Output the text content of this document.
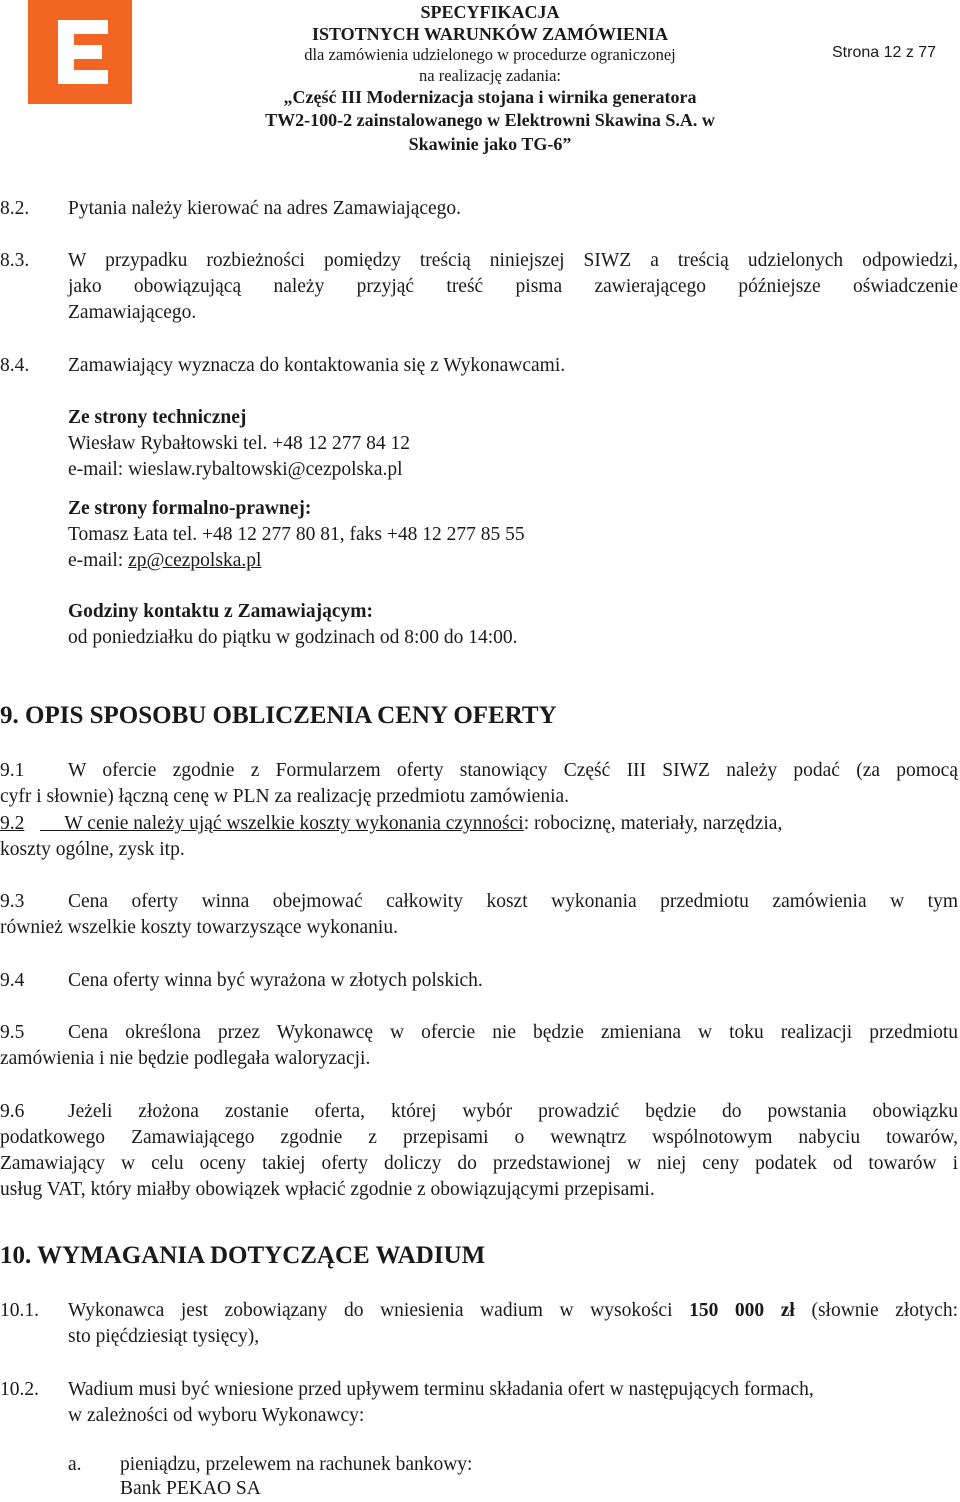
SPECYFIKACJA
ISTOTNYCH WARUNKÓW ZAMÓWIENIA
dla zamówienia udzielonego w procedurze ograniczonej
na realizację zadania:
„Część III Modernizacja stojana i wirnika generatora
TW2-100-2 zainstalowanego w Elektrowni Skawina S.A. w
Skawinie jako TG-6”
Strona 12 z 77
8.2. Pytania należy kierować na adres Zamawiającego.
8.3. W przypadku rozbieżności pomiędzy treścią niniejszej SIWZ a treścią udzielonych odpowiedzi,
jako obowiązującą należy przyjąć treść pisma zawierającego późniejsze oświadczenie
Zamawiającego.
8.4. Zamawiający wyznacza do kontaktowania się z Wykonawcami.
Ze strony technicznej
Wiesław Rybałtowski tel. +48 12 277 84 12
e-mail: wieslaw.rybaltowski@cezpolska.pl
Ze strony formalno-prawnej:
Tomasz Łata tel. +48 12 277 80 81, faks +48 12 277 85 55
e-mail: zp@cezpolska.pl
Godziny kontaktu z Zamawiającym:
od poniedziałku do piątku w godzinach od 8:00 do 14:00.
9. OPIS SPOSOBU OBLICZENIA CENY OFERTY
9.1	W ofercie zgodnie z Formularzem oferty stanowiący Część III SIWZ należy podać (za pomocą
cyfr i słownie) łączną cenę w PLN za realizację przedmiotu zamówienia.
9.2	W cenie należy ująć wszelkie koszty wykonania czynności: robociznę, materiały, narzędzia,
koszty ogólne, zysk itp.
9.3	Cena oferty winna obejmować całkowity koszt wykonania przedmiotu zamówienia w tym
również wszelkie koszty towarzyszące wykonaniu.
9.4 Cena oferty winna być wyrażona w złotych polskich.
9.5	Cena określona przez Wykonawcę w ofercie nie będzie zmieniana w toku realizacji przedmiotu
zamówienia i nie będzie podlegała waloryzacji.
9.6	Jeżeli złożona zostanie oferta, której wybór prowadzić będzie do powstania obowiązku
podatkowego Zamawiającego zgodnie z przepisami o wewnątrz wspólnotowym nabyciu towarów,
Zamawiający w celu oceny takiej oferty doliczy do przedstawionej w niej ceny podatek od towarów i
usług VAT, który miałby obowiązek wpłacić zgodnie z obowiązującymi przepisami.
10. WYMAGANIA DOTYCZĄCE WADIUM
10.1. Wykonawca jest zobowiązany do wniesienia wadium w wysokości 150 000 zł (słownie złotych:
sto pięćdziesiąt tysięcy),
10.2. Wadium musi być wniesione przed upływem terminu składania ofert w następujących formach,
w zależności od wyboru Wykonawcy:
a. pieniądzu, przelewem na rachunek bankowy:
Bank PEKAO SA
